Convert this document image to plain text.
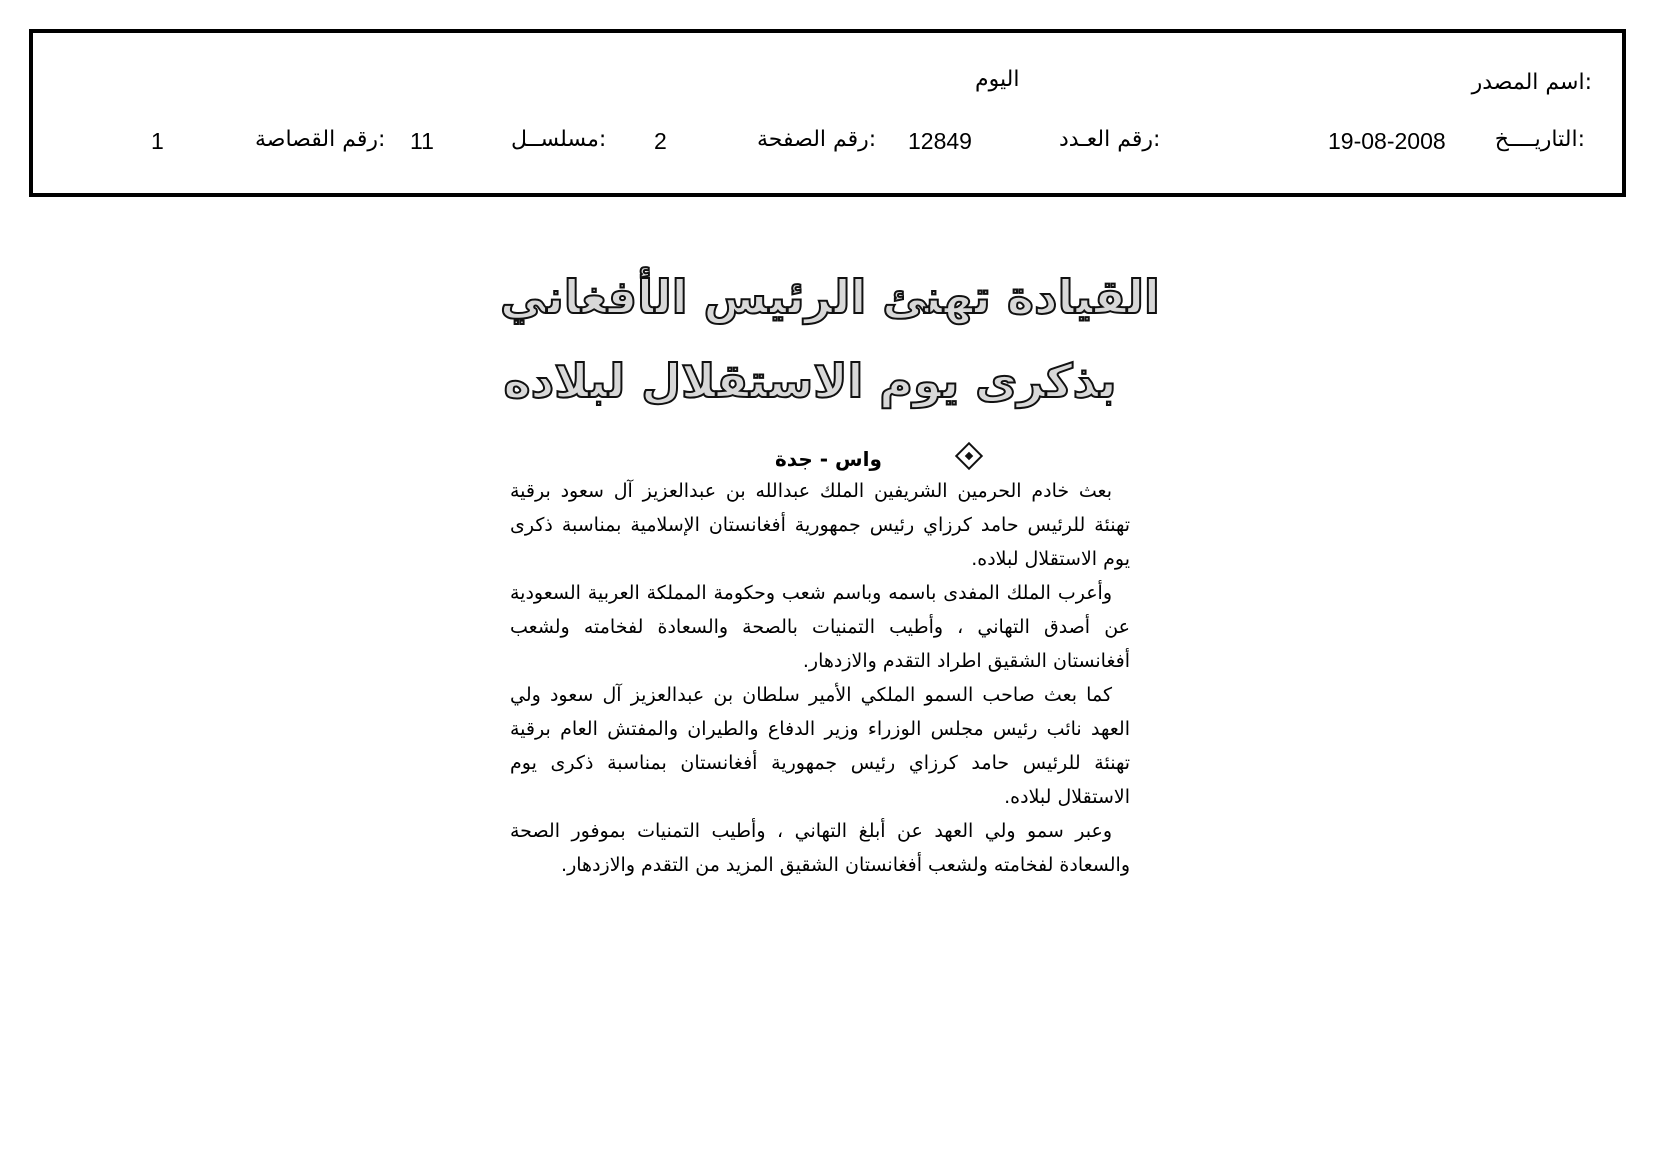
اسم المصدر:
اليوم
التاريــــخ:
19-08-2008
رقم العـدد:
12849
رقم الصفحة:
2
مسلســل:
11
رقم القصاصة:
1
القيادة تهنئ الرئيس الأفغاني
بذكرى يوم الاستقلال لبلاده
واس - جدة

بعث خادم الحرمين الشريفين الملك عبدالله بن عبدالعزيز آل سعود برقية تهنئة للرئيس حامد كرزاي رئيس جمهورية أفغانستان الإسلامية بمناسبة ذكرى يوم الاستقلال لبلاده.

وأعرب الملك المفدى باسمه وباسم شعب وحكومة المملكة العربية السعودية عن أصدق التهاني ، وأطيب التمنيات بالصحة والسعادة لفخامته ولشعب أفغانستان الشقيق اطراد التقدم والازدهار.

كما بعث صاحب السمو الملكي الأمير سلطان بن عبدالعزيز آل سعود ولي العهد نائب رئيس مجلس الوزراء وزير الدفاع والطيران والمفتش العام برقية تهنئة للرئيس حامد كرزاي رئيس جمهورية أفغانستان بمناسبة ذكرى يوم الاستقلال لبلاده.

وعبر سمو ولي العهد عن أبلغ التهاني ، وأطيب التمنيات بموفور الصحة والسعادة لفخامته ولشعب أفغانستان الشقيق المزيد من التقدم والازدهار.
